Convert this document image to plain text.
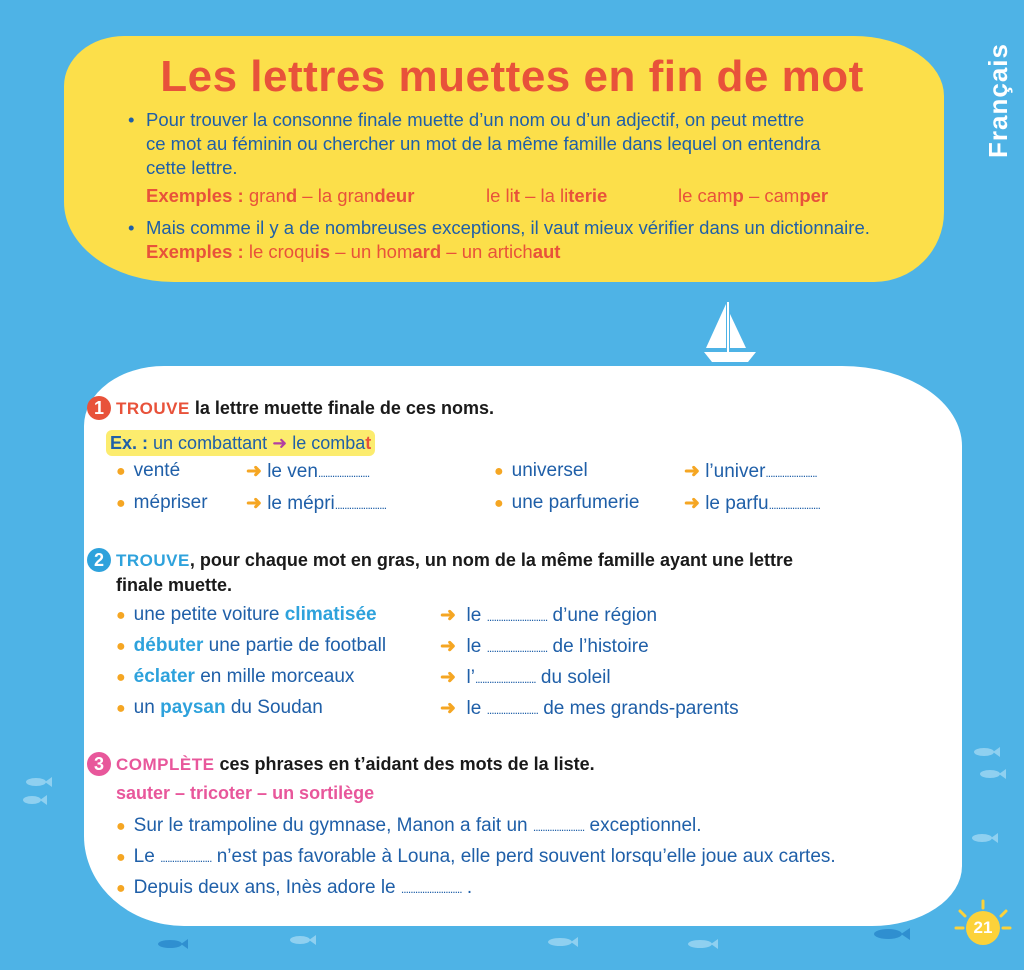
Français
Les lettres muettes en fin de mot
• Pour trouver la consonne finale muette d’un nom ou d’un adjectif, on peut mettre
ce mot au féminin ou chercher un mot de la même famille dans lequel on entendra
cette lettre.
Exemples : grand – la grandeur	le lit – la literie	le camp – camper
• Mais comme il y a de nombreuses exceptions, il vaut mieux vérifier dans un dictionnaire.
Exemples : le croquis – un homard – un artichaut
1 TROUVE la lettre muette finale de ces noms.
Ex. : un combattant ➜ le combat
● venté	➜ le ven......................	● universel	➜ l’univer......................
● mépriser ➜ le mépri......................	● une parfumerie ➜ le parfu......................
2 TROUVE, pour chaque mot en gras, un nom de la même famille ayant une lettre
finale muette.
● une petite voiture climatisée	➜ le .......................... d’une région
● débuter une partie de football	➜ le .......................... de l’histoire
● éclater en mille morceaux	➜ l’.......................... du soleil
● un paysan du Soudan	➜ le ...................... de mes grands-parents
3 COMPLÈTE ces phrases en t’aidant des mots de la liste.
sauter – tricoter – un sortilège
● Sur le trampoline du gymnase, Manon a fait un ...................... exceptionnel.
● Le ...................... n’est pas favorable à Louna, elle perd souvent lorsqu’elle joue aux cartes.
● Depuis deux ans, Inès adore le .......................... .
21
